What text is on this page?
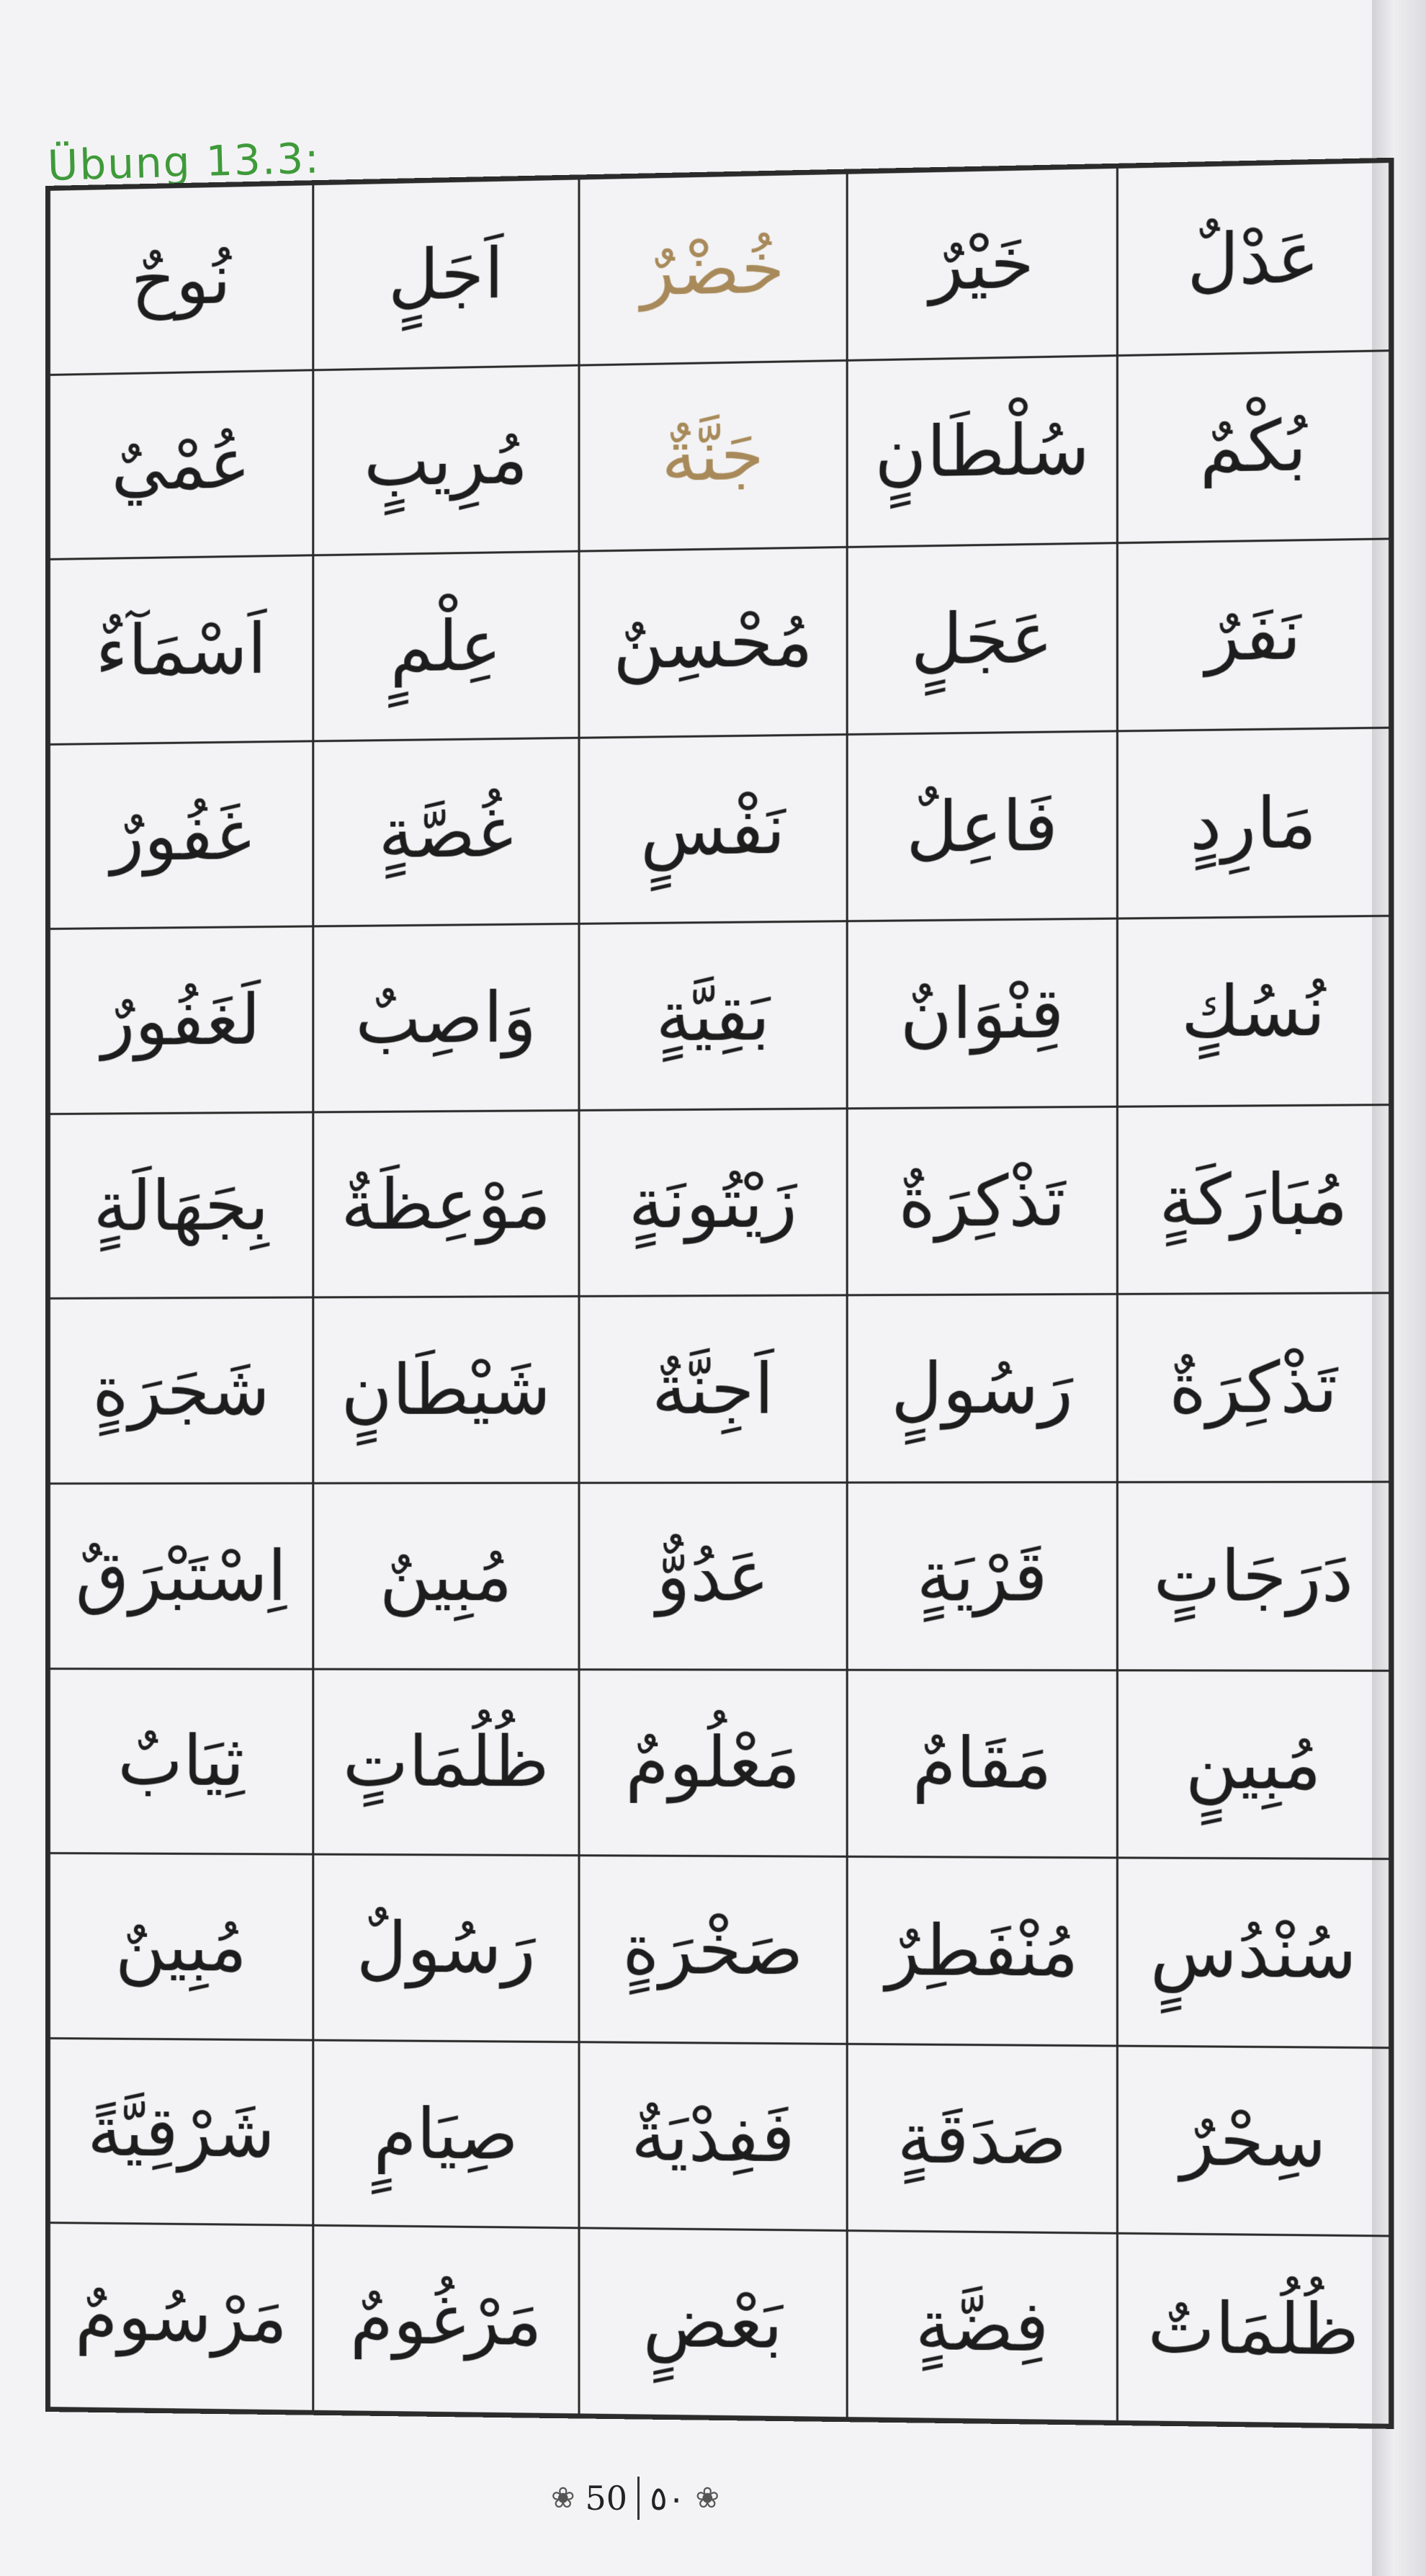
Übung 13.3:
نُوحٌ	اَجَلٍ	خُضْرٌ	خَيْرٌ	عَدْلٌ
عُمْيٌ	مُرِيبٍ	جَنَّةٌ	سُلْطَانٍ	بُكْمٌ
اَسْمَآءٌ	عِلْمٍ	مُحْسِنٌ	عَجَلٍ	نَفَرٌ
غَفُورٌ	غُصَّةٍ	نَفْسٍ	فَاعِلٌ	مَارِدٍ
لَغَفُورٌ	وَاصِبٌ	بَقِيَّةٍ	قِنْوَانٌ	نُسُكٍ
بِجَهَالَةٍ	مَوْعِظَةٌ	زَيْتُونَةٍ	تَذْكِرَةٌ	مُبَارَكَةٍ
شَجَرَةٍ	شَيْطَانٍ	اَجِنَّةٌ	رَسُولٍ	تَذْكِرَةٌ
اِسْتَبْرَقٌ	مُبِينٌ	عَدُوٌّ	قَرْيَةٍ	دَرَجَاتٍ
ثِيَابٌ	ظُلُمَاتٍ	مَعْلُومٌ	مَقَامٌ	مُبِينٍ
مُبِينٌ	رَسُولٌ	صَخْرَةٍ	مُنْفَطِرٌ	سُنْدُسٍ
شَرْقِيَّةً	صِيَامٍ	فَفِدْيَةٌ	صَدَقَةٍ	سِحْرٌ
مَرْسُومٌ	مَرْغُومٌ	بَعْضٍ	فِضَّةٍ	ظُلُمَاتٌ
❀ 50 ٥٠ ❀
